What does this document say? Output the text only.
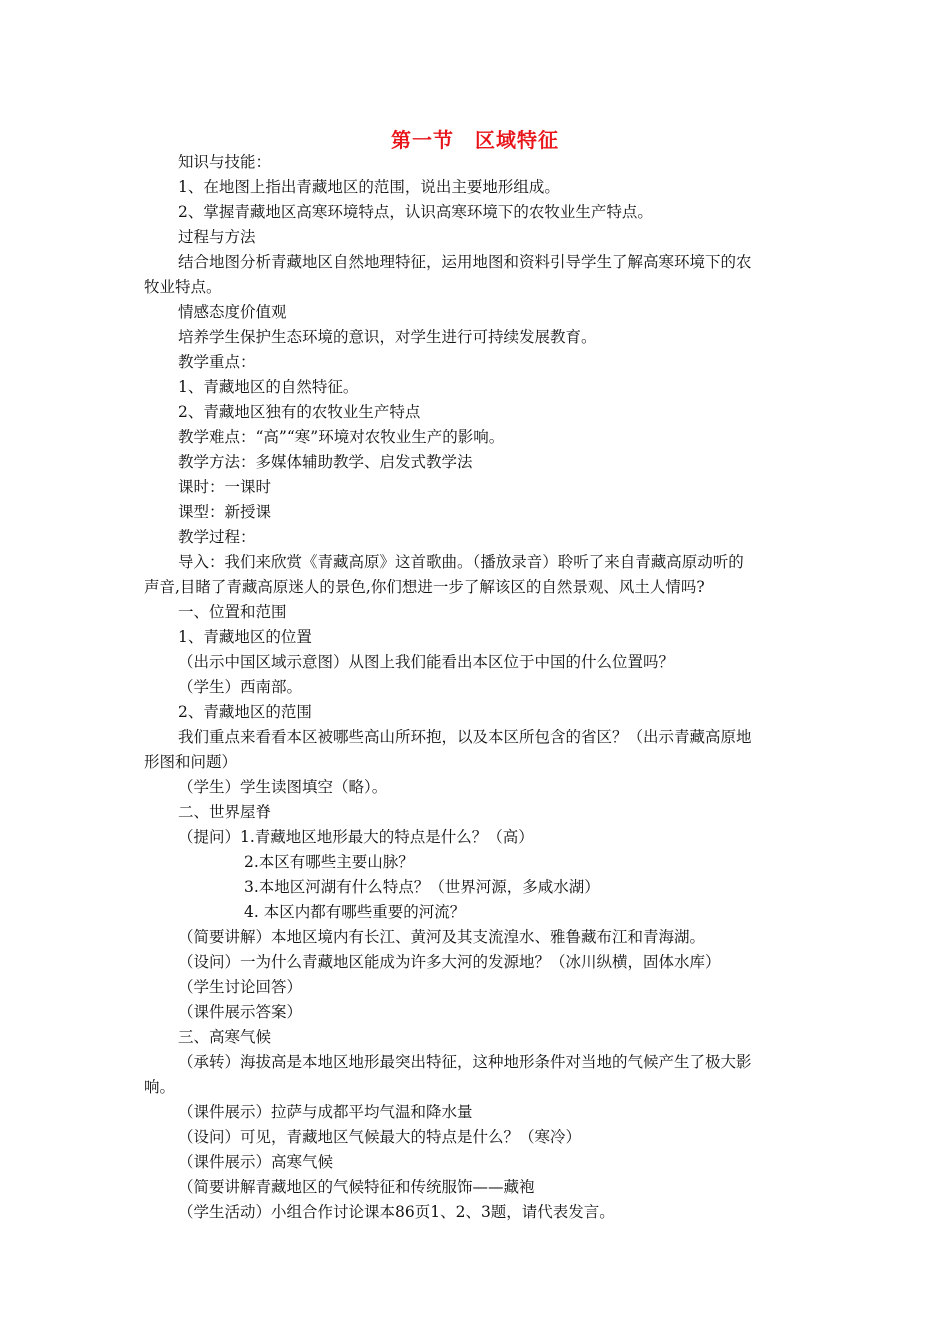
第一节　区域特征
知识与技能：
1、在地图上指出青藏地区的范围，说出主要地形组成。
2、掌握青藏地区高寒环境特点，认识高寒环境下的农牧业生产特点。
过程与方法
结合地图分析青藏地区自然地理特征，运用地图和资料引导学生了解高寒环境下的农
牧业特点。
情感态度价值观
培养学生保护生态环境的意识，对学生进行可持续发展教育。
教学重点：
1、青藏地区的自然特征。
2、青藏地区独有的农牧业生产特点
教学难点：“高”“寒”环境对农牧业生产的影响。
教学方法：多媒体辅助教学、启发式教学法
课时：一课时
课型：新授课
教学过程：
导入：我们来欣赏《青藏高原》这首歌曲。（播放录音）聆听了来自青藏高原动听的
声音,目睹了青藏高原迷人的景色,你们想进一步了解该区的自然景观、风土人情吗?
一、位置和范围
1、青藏地区的位置
（出示中国区域示意图）从图上我们能看出本区位于中国的什么位置吗？
（学生）西南部。
2、青藏地区的范围
我们重点来看看本区被哪些高山所环抱，以及本区所包含的省区？（出示青藏高原地
形图和问题）
（学生）学生读图填空（略）。
二、世界屋脊
（提问）1.青藏地区地形最大的特点是什么？（高）
2.本区有哪些主要山脉？
3.本地区河湖有什么特点？（世界河源，多咸水湖）
4. 本区内都有哪些重要的河流？
（简要讲解）本地区境内有长江、黄河及其支流湟水、雅鲁藏布江和青海湖。
（设问）一为什么青藏地区能成为许多大河的发源地？（冰川纵横，固体水库）
（学生讨论回答）
（课件展示答案）
三、高寒气候
（承转）海拔高是本地区地形最突出特征，这种地形条件对当地的气候产生了极大影
响。
（课件展示）拉萨与成都平均气温和降水量
（设问）可见，青藏地区气候最大的特点是什么？（寒冷）
（课件展示）高寒气候
（简要讲解青藏地区的气候特征和传统服饰——藏袍
（学生活动）小组合作讨论课本86页1、2、3题，请代表发言。
